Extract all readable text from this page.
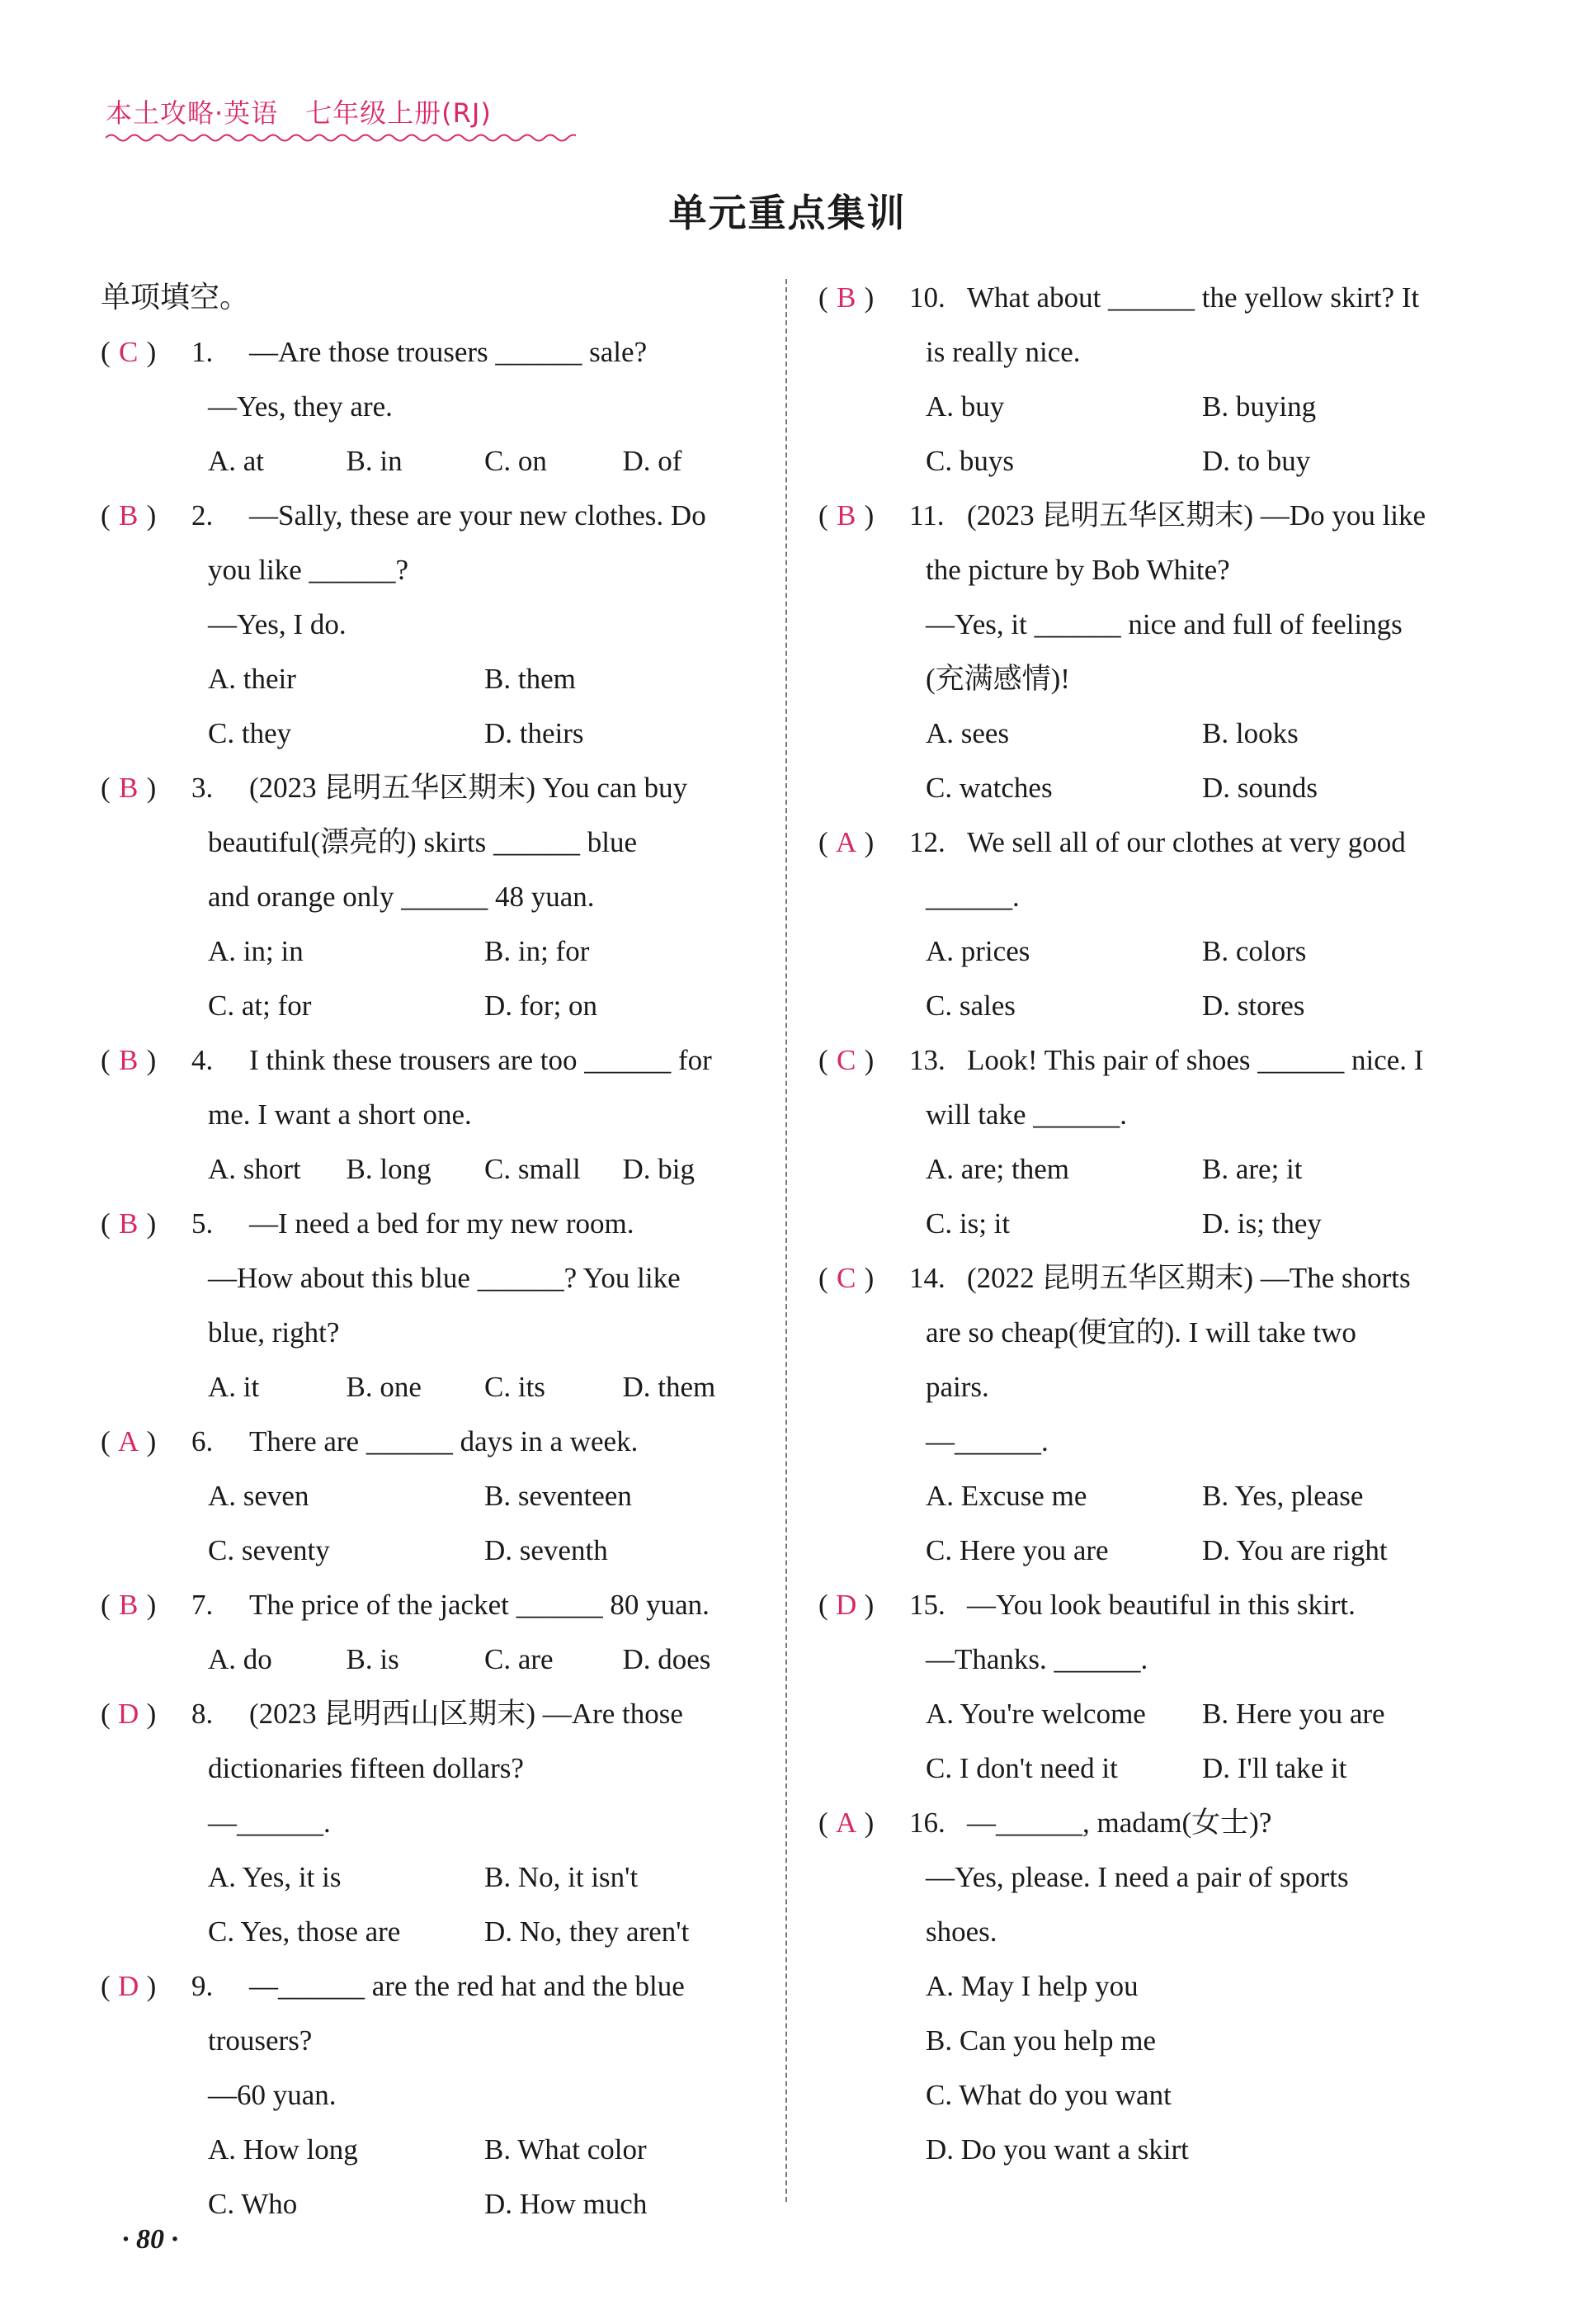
本土攻略·英语　七年级上册(RJ)
单元重点集训
单项填空。
( C )	1.	—Are those trousers ______ sale?
—Yes, they are.
A. at	B. in	C. on	D. of
( B )	2.	—Sally, these are your new clothes. Do
you like ______?
—Yes, I do.
A. their	B. them
C. they	D. theirs
( B )	3.	(2023 昆明五华区期末) You can buy
beautiful(漂亮的) skirts ______ blue
and orange only ______ 48 yuan.
A. in; in	B. in; for
C. at; for	D. for; on
( B )	4.	I think these trousers are too ______ for
me. I want a short one.
A. short	B. long	C. small	D. big
( B )	5.	—I need a bed for my new room.
—How about this blue ______? You like
blue, right?
A. it	B. one	C. its	D. them
( A )	6.	There are ______ days in a week.
A. seven	B. seventeen
C. seventy	D. seventh
( B )	7.	The price of the jacket ______ 80 yuan.
A. do	B. is	C. are	D. does
( D )	8.	(2023 昆明西山区期末) —Are those
dictionaries fifteen dollars?
—______.
A. Yes, it is	B. No, it isn't
C. Yes, those are	D. No, they aren't
( D )	9.	—______ are the red hat and the blue
trousers?
—60 yuan.
A. How long	B. What color
C. Who	D. How much
( B )	10. What about ______ the yellow skirt? It
is really nice.
A. buy	B. buying
C. buys	D. to buy
( B )	11. (2023 昆明五华区期末) —Do you like
the picture by Bob White?
—Yes, it ______ nice and full of feelings
(充满感情)!
A. sees	B. looks
C. watches	D. sounds
( A )	12. We sell all of our clothes at very good
______.
A. prices	B. colors
C. sales	D. stores
( C )	13. Look! This pair of shoes ______ nice. I
will take ______.
A. are; them	B. are; it
C. is; it	D. is; they
( C )	14. (2022 昆明五华区期末) —The shorts
are so cheap(便宜的). I will take two
pairs.
—______.
A. Excuse me	B. Yes, please
C. Here you are	D. You are right
( D )	15. —You look beautiful in this skirt.
—Thanks. ______.
A. You're welcome	B. Here you are
C. I don't need it	D. I'll take it
( A )	16. —______, madam(女士)?
—Yes, please. I need a pair of sports
shoes.
A. May I help you
B. Can you help me
C. What do you want
D. Do you want a skirt
· 80 ·
